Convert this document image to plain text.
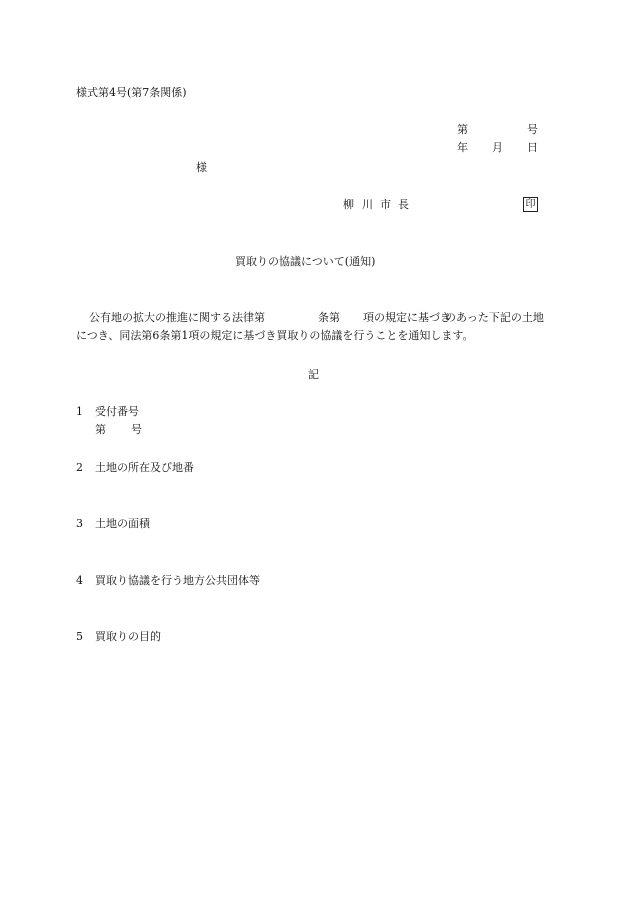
様式第4号(第7条関係)
第	号
年 月 日
様
柳 川 市 長	印
買取りの協議について(通知)
公有地の拡大の推進に関する法律第	条第 項の規定に基づき
のあった下記の土地
につき、同法第6条第1項の規定に基づき買取りの協議を行うことを通知します。
記
1 受付番号
第 号
2 土地の所在及び地番
3 土地の面積
4 買取り協議を行う地方公共団体等
5 買取りの目的
